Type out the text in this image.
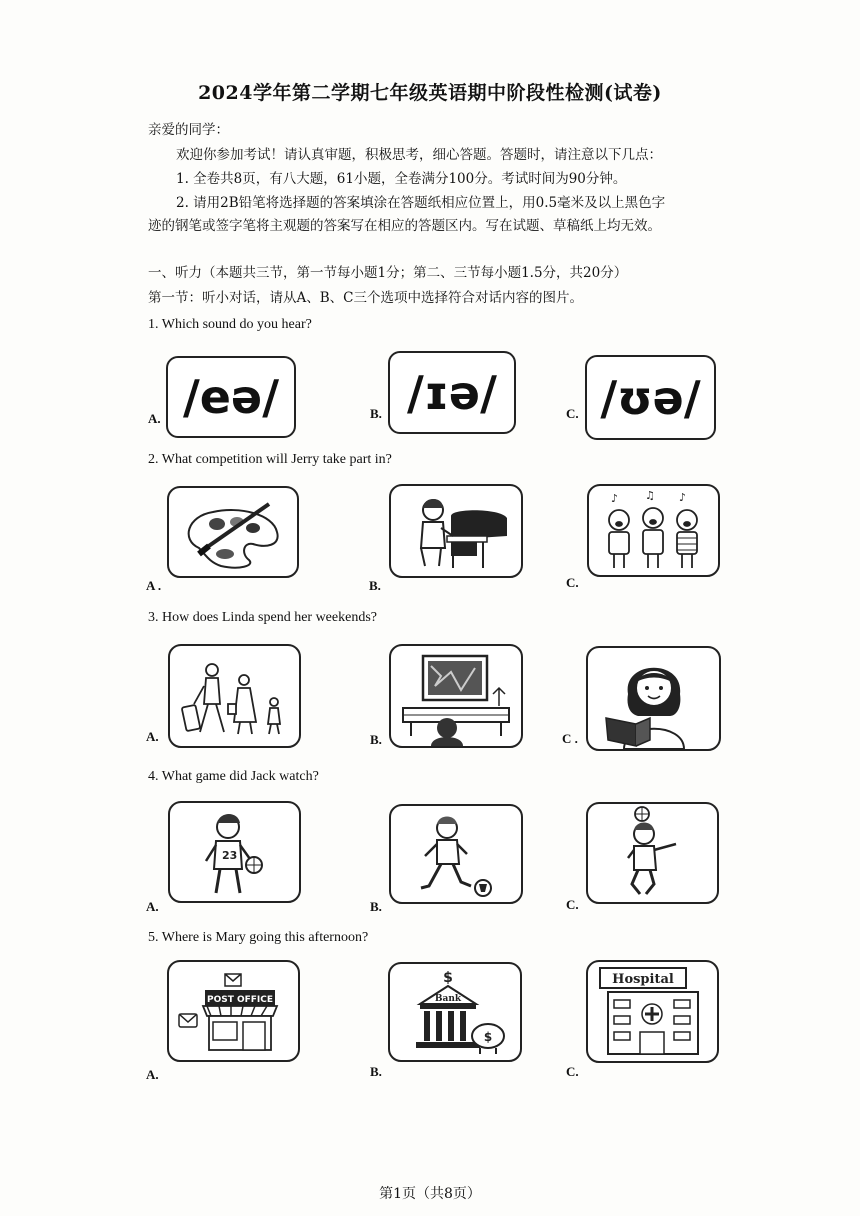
2024学年第二学期七年级英语期中阶段性检测(试卷)
亲爱的同学：
欢迎你参加考试！请认真审题，积极思考，细心答题。答题时，请注意以下几点：
1. 全卷共8页，有八大题，61小题，全卷满分100分。考试时间为90分钟。
2. 请用2B铅笔将选择题的答案填涂在答题纸相应位置上，用0.5毫米及以上黑色字
迹的钢笔或签字笔将主观题的答案写在相应的答题区内。写在试题、草稿纸上均无效。
一、听力（本题共三节，第一节每小题1分；第二、三节每小题1.5分，共20分）
第一节：听小对话，请从A、B、C三个选项中选择符合对话内容的图片。
1. Which sound do you hear?
A. /eə/	B. /ɪə/	C. /ʊə/
2. What competition will Jerry take part in?
A .	B.
♪ ♫ ♪
C.
3. How does Linda spend her weekends?
A.	B.	C .
4. What game did Jack watch?
23
A.	B.	C.
5. Where is Mary going this afternoon?
POST OFFICE
A.
$
Bank
$
B.
Hospital
C.
第1页（共8页）
